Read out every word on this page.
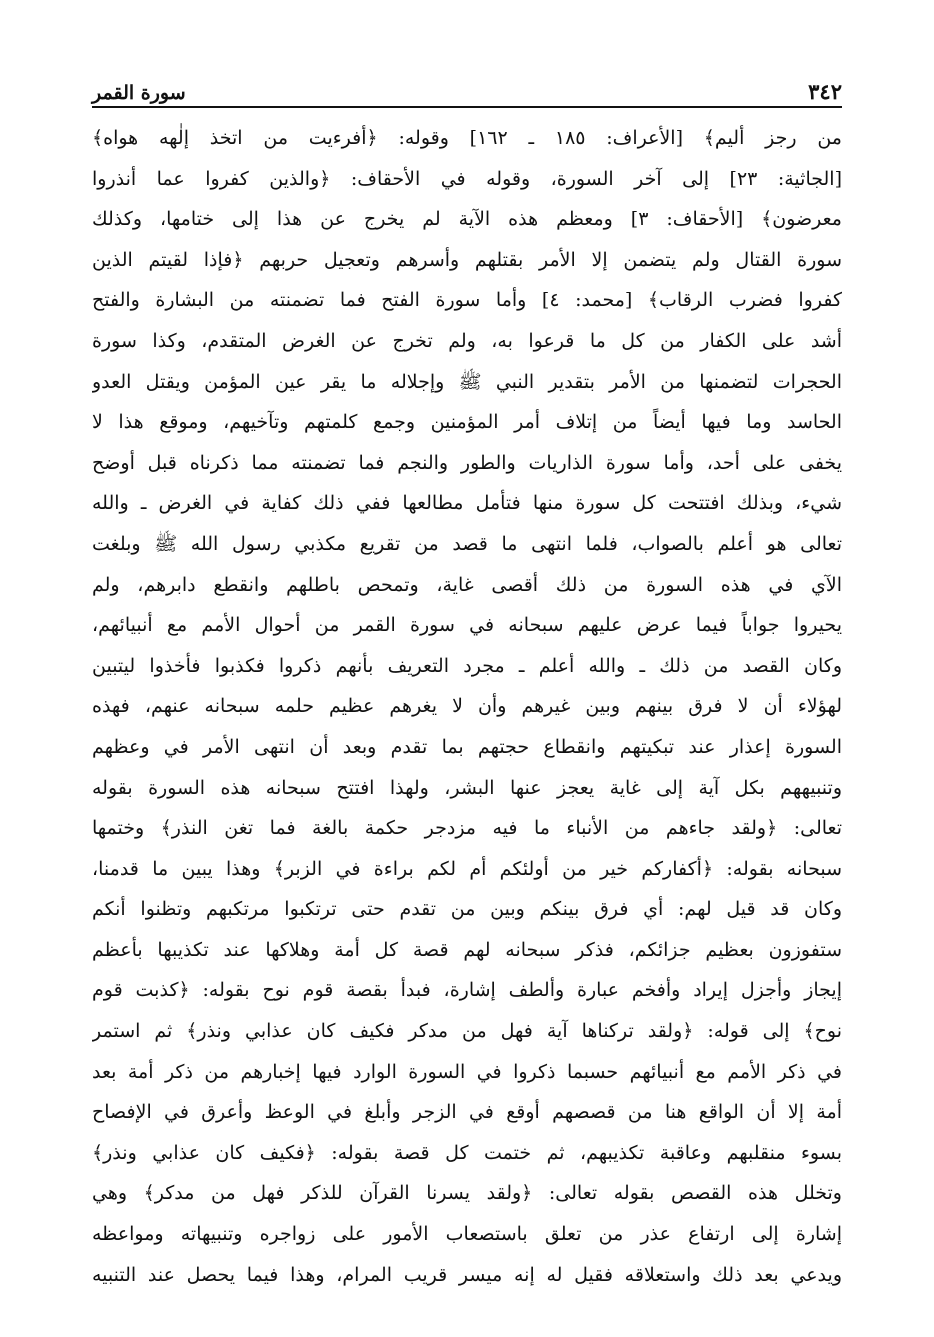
٣٤٢
سورة القمر
من رجز أليم﴾ [الأعراف: ١٨٥ ـ ١٦٢] وقوله: ﴿أفرءيت من اتخذ إلٰهه هواه﴾
[الجاثية: ٢٣] إلى آخر السورة، وقوله في الأحقاف: ﴿والذين كفروا عما أنذروا
معرضون﴾ [الأحقاف: ٣] ومعظم هذه الآية لم يخرج عن هذا إلى ختامها، وكذلك
سورة القتال ولم يتضمن إلا الأمر بقتلهم وأسرهم وتعجيل حربهم ﴿فإذا لقيتم الذين
كفروا فضرب الرقاب﴾ [محمد: ٤] وأما سورة الفتح فما تضمنته من البشارة والفتح
أشد على الكفار من كل ما قرعوا به، ولم تخرج عن الغرض المتقدم، وكذا سورة
الحجرات لتضمنها من الأمر بتقدير النبي ﷺ وإجلاله ما يقر عين المؤمن ويقتل العدو
الحاسد وما فيها أيضاً من إتلاف أمر المؤمنين وجمع كلمتهم وتآخيهم، وموقع هذا لا
يخفى على أحد، وأما سورة الذاريات والطور والنجم فما تضمنته مما ذكرناه قبل أوضح
شيء، وبذلك افتتحت كل سورة منها فتأمل مطالعها ففي ذلك كفاية في الغرض ـ والله
تعالى هو أعلم بالصواب، فلما انتهى ما قصد من تقريع مكذبي رسول الله ﷺ وبلغت
الآي في هذه السورة من ذلك أقصى غاية، وتمحص باطلهم وانقطع دابرهم، ولم
يحيروا جواباً فيما عرض عليهم سبحانه في سورة القمر من أحوال الأمم مع أنبيائهم،
وكان القصد من ذلك ـ والله أعلم ـ مجرد التعريف بأنهم ذكروا فكذبوا فأخذوا ليتبين
لهؤلاء أن لا فرق بينهم وبين غيرهم وأن لا يغرهم عظيم حلمه سبحانه عنهم، فهذه
السورة إعذار عند تبكيتهم وانقطاع حجتهم بما تقدم وبعد أن انتهى الأمر في وعظهم
وتنبيههم بكل آية إلى غاية يعجز عنها البشر، ولهذا افتتح سبحانه هذه السورة بقوله
تعالى: ﴿ولقد جاءهم من الأنباء ما فيه مزدجر حكمة بالغة فما تغن النذر﴾ وختمها
سبحانه بقوله: ﴿أكفاركم خير من أولئكم أم لكم براءة في الزبر﴾ وهذا يبين ما قدمنا،
وكان قد قيل لهم: أي فرق بينكم وبين من تقدم حتى ترتكبوا مرتكبهم وتظنوا أنكم
ستفوزون بعظيم جزائكم، فذكر سبحانه لهم قصة كل أمة وهلاكها عند تكذيبها بأعظم
إيجاز وأجزل إيراد وأفخم عبارة وألطف إشارة، فبدأ بقصة قوم نوح بقوله: ﴿كذبت قوم
نوح﴾ إلى قوله: ﴿ولقد تركناها آية فهل من مدكر فكيف كان عذابي ونذر﴾ ثم استمر
في ذكر الأمم مع أنبيائهم حسبما ذكروا في السورة الوارد فيها إخبارهم من ذكر أمة بعد
أمة إلا أن الواقع هنا من قصصهم أوقع في الزجر وأبلغ في الوعظ وأعرق في الإفصاح
بسوء منقلبهم وعاقبة تكذيبهم، ثم ختمت كل قصة بقوله: ﴿فكيف كان عذابي ونذر﴾
وتخلل هذه القصص بقوله تعالى: ﴿ولقد يسرنا القرآن للذكر فهل من مدكر﴾ وهي
إشارة إلى ارتفاع عذر من تعلق باستصعاب الأمور على زواجره وتنبيهاته ومواعظه
ويدعي بعد ذلك واستعلاقه فقيل له إنه ميسر قريب المرام، وهذا فيما يحصل عند التنبيه
